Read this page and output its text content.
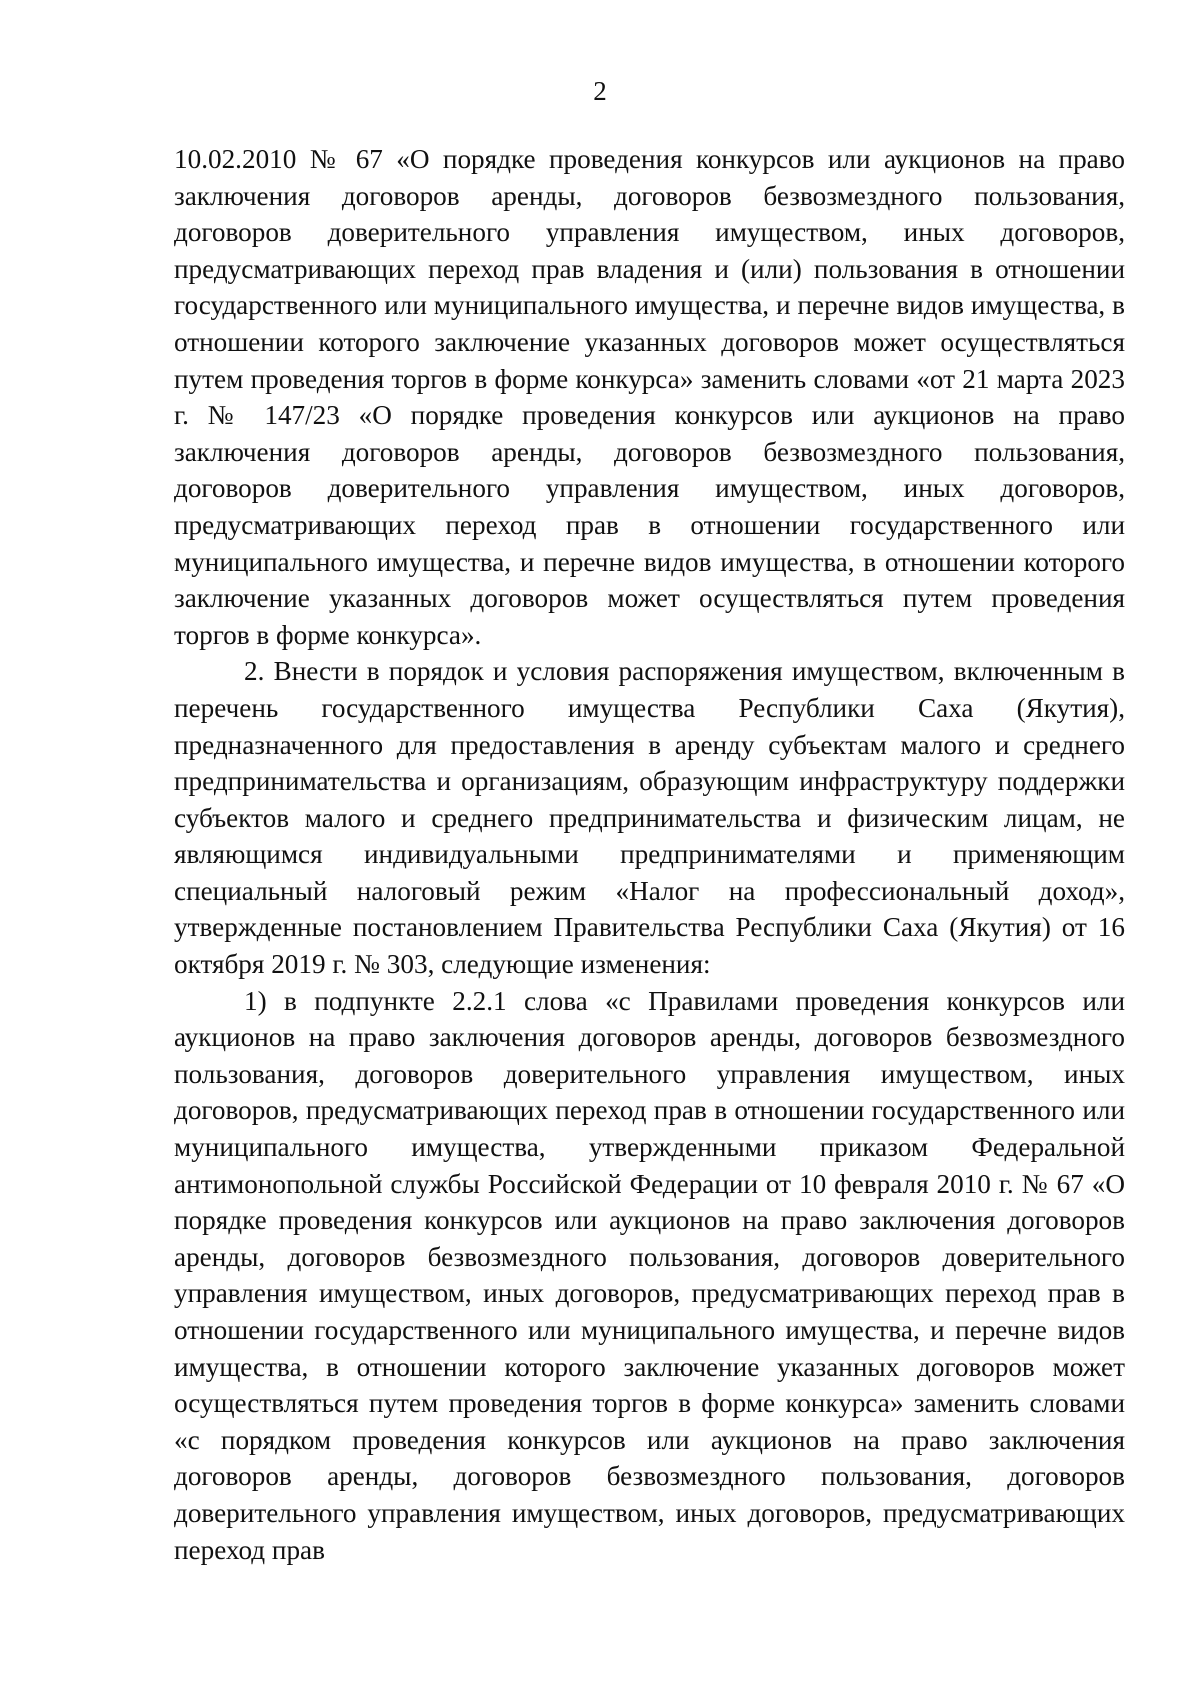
2

10.02.2010 № 67 «О порядке проведения конкурсов или аукционов на право заключения договоров аренды, договоров безвозмездного пользования, договоров доверительного управления имуществом, иных договоров, предусматривающих переход прав владения и (или) пользования в отношении государственного или муниципального имущества, и перечне видов имущества, в отношении которого заключение указанных договоров может осуществляться путем проведения торгов в форме конкурса» заменить словами «от 21 марта 2023 г. № 147/23 «О порядке проведения конкурсов или аукционов на право заключения договоров аренды, договоров безвозмездного пользования, договоров доверительного управления имуществом, иных договоров, предусматривающих переход прав в отношении государственного или муниципального имущества, и перечне видов имущества, в отношении которого заключение указанных договоров может осуществляться путем проведения торгов в форме конкурса».

2. Внести в порядок и условия распоряжения имуществом, включенным в перечень государственного имущества Республики Саха (Якутия), предназначенного для предоставления в аренду субъектам малого и среднего предпринимательства и организациям, образующим инфраструктуру поддержки субъектов малого и среднего предпринимательства и физическим лицам, не являющимся индивидуальными предпринимателями и применяющим специальный налоговый режим «Налог на профессиональный доход», утвержденные постановлением Правительства Республики Саха (Якутия) от 16 октября 2019 г. № 303, следующие изменения:

1) в подпункте 2.2.1 слова «с Правилами проведения конкурсов или аукционов на право заключения договоров аренды, договоров безвозмездного пользования, договоров доверительного управления имуществом, иных договоров, предусматривающих переход прав в отношении государственного или муниципального имущества, утвержденными приказом Федеральной антимонопольной службы Российской Федерации от 10 февраля 2010 г. № 67 «О порядке проведения конкурсов или аукционов на право заключения договоров аренды, договоров безвозмездного пользования, договоров доверительного управления имуществом, иных договоров, предусматривающих переход прав в отношении государственного или муниципального имущества, и перечне видов имущества, в отношении которого заключение указанных договоров может осуществляться путем проведения торгов в форме конкурса» заменить словами «с порядком проведения конкурсов или аукционов на право заключения договоров аренды, договоров безвозмездного пользования, договоров доверительного управления имуществом, иных договоров, предусматривающих переход прав
